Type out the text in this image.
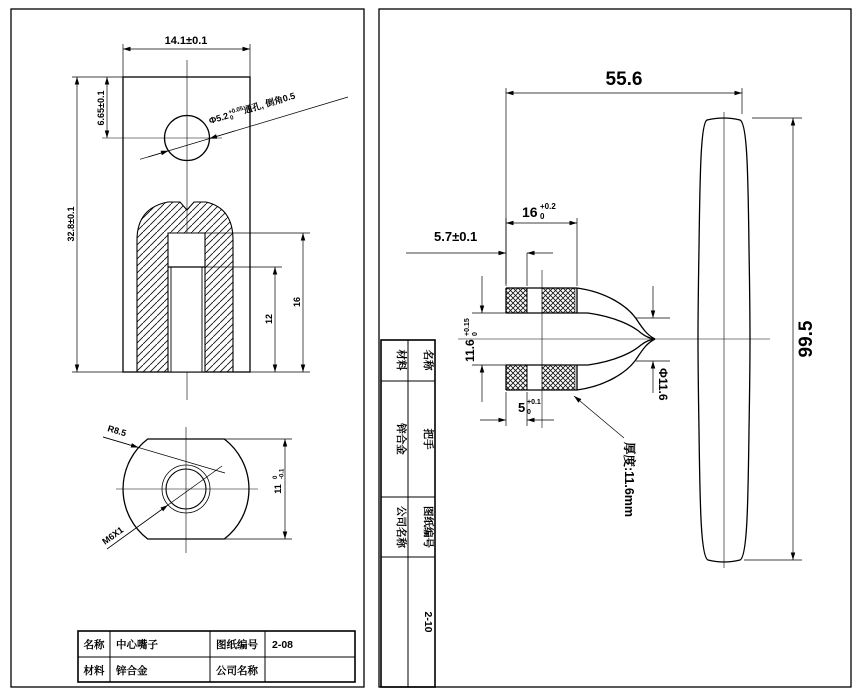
14.1±0.1
6.65±0.1
32.8±0.1
12
16
Φ5.2
+0.05
0
通孔, 倒角0.5
11
0 -0.1
R8.5
M6X1
名称 中心嘴子	图纸编号 2-08
材料 锌合金	公司名称
材料
锌合金
公司名称
名称
把手
图纸编号
2-10
55.6
99.5
16 +0.2
0
5.7±0.1
11.6
+0.15 0
5 +0.1
0
Φ11.6
厚度:11.6mm
